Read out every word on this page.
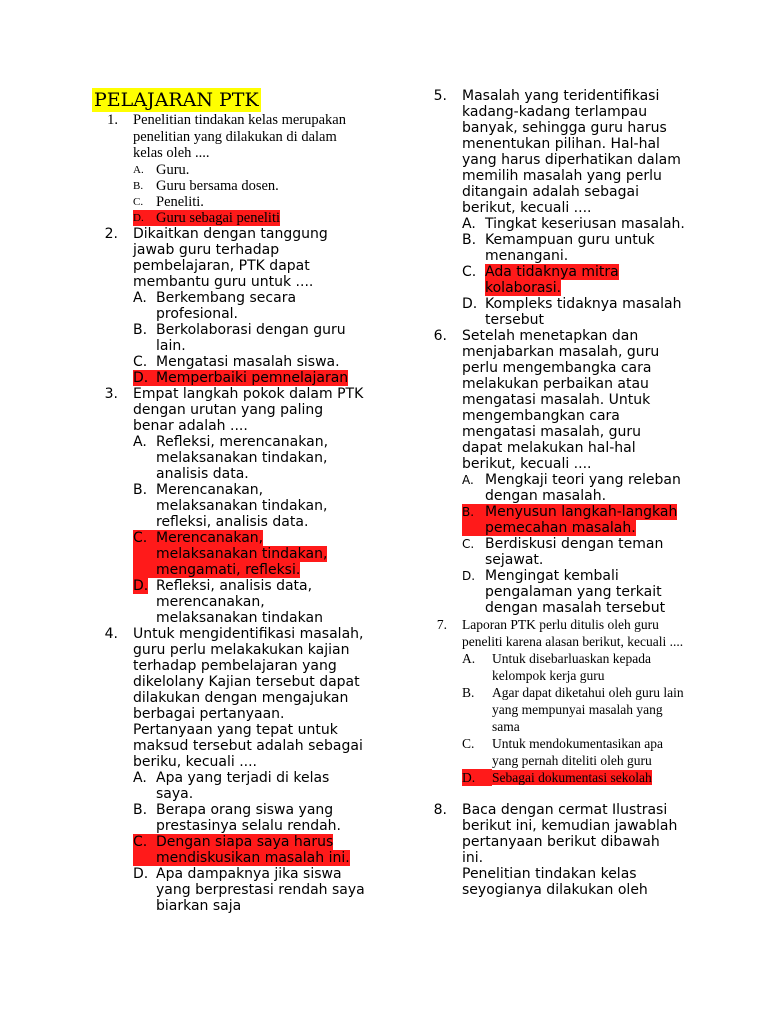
PELAJARAN PTK
1.	Penelitian tindakan kelas merupakan penelitian yang dilakukan di dalam kelas oleh ....
A. Guru.
B. Guru bersama dosen.
C. Peneliti.
D. Guru sebagai peneliti
2.	Dikaitkan dengan tanggung jawab guru terhadap pembelajaran, PTK dapat membantu guru untuk ....
A. Berkembang secara profesional.
B. Berkolaborasi dengan guru lain.
C. Mengatasi masalah siswa.
D. Memperbaiki pemnelajaran
3.	Empat langkah pokok dalam PTK dengan urutan yang paling benar adalah ....
A. Refleksi, merencanakan, melaksanakan tindakan, analisis data.
B. Merencanakan, melaksanakan tindakan, refleksi, analisis data.
C. Merencanakan, melaksanakan tindakan, mengamati, refleksi.
D. Refleksi, analisis data, merencanakan, melaksanakan tindakan
4.	Untuk mengidentifikasi masalah, guru perlu melakakukan kajian terhadap pembelajaran yang dikelolany Kajian tersebut dapat dilakukan dengan mengajukan berbagai pertanyaan. Pertanyaan yang tepat untuk maksud tersebut adalah sebagai beriku, kecuali ....
A. Apa yang terjadi di kelas saya.
B. Berapa orang siswa yang prestasinya selalu rendah.
C. Dengan siapa saya harus mendiskusikan masalah ini.
D. Apa dampaknya jika siswa yang berprestasi rendah saya biarkan saja
5.	Masalah yang teridentifikasi kadang-kadang terlampau banyak, sehingga guru harus menentukan pilihan. Hal-hal yang harus diperhatikan dalam memilih masalah yang perlu ditangain adalah sebagai berikut, kecuali ....
A. Tingkat keseriusan masalah.
B. Kemampuan guru untuk menangani.
C. Ada tidaknya mitra kolaborasi.
D. Kompleks tidaknya masalah tersebut
6.	Setelah menetapkan dan menjabarkan masalah, guru perlu mengembangka cara melakukan perbaikan atau mengatasi masalah. Untuk mengembangkan cara mengatasi masalah, guru dapat melakukan hal-hal berikut, kecuali ....
A. Mengkaji teori yang releban dengan masalah.
B. Menyusun langkah-langkah pemecahan masalah.
C. Berdiskusi dengan teman sejawat.
D. Mengingat kembali pengalaman yang terkait dengan masalah tersebut
7.	Laporan PTK perlu ditulis oleh guru peneliti karena alasan berikut, kecuali ....
A.	Untuk disebarluaskan kepada kelompok kerja guru
B.	Agar dapat diketahui oleh guru lain yang mempunyai masalah yang sama
C.	Untuk mendokumentasikan apa yang pernah diteliti oleh guru
D.	Sebagai dokumentasi sekolah
8.	Baca dengan cermat Ilustrasi berikut ini, kemudian jawablah pertanyaan berikut dibawah ini.
Penelitian tindakan kelas seyogianya dilakukan oleh
